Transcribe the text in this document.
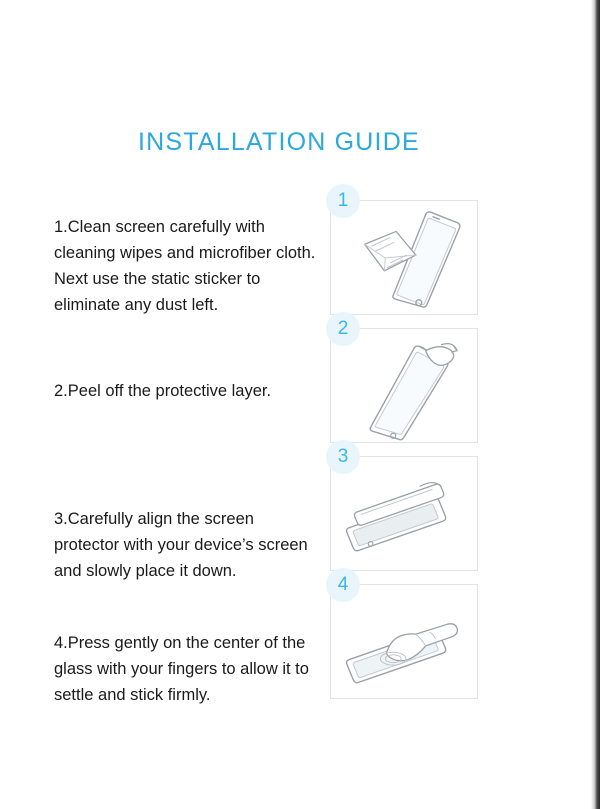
INSTALLATION GUIDE
1.Clean screen carefully with cleaning wipes and microfiber cloth. Next use the static sticker to eliminate any dust left.
1
2.Peel off the protective layer.
2
3.Carefully align the screen protector with your device’s screen and slowly place it down.
3
4.Press gently on the center of the glass with your fingers to allow it to settle and stick firmly.
4
